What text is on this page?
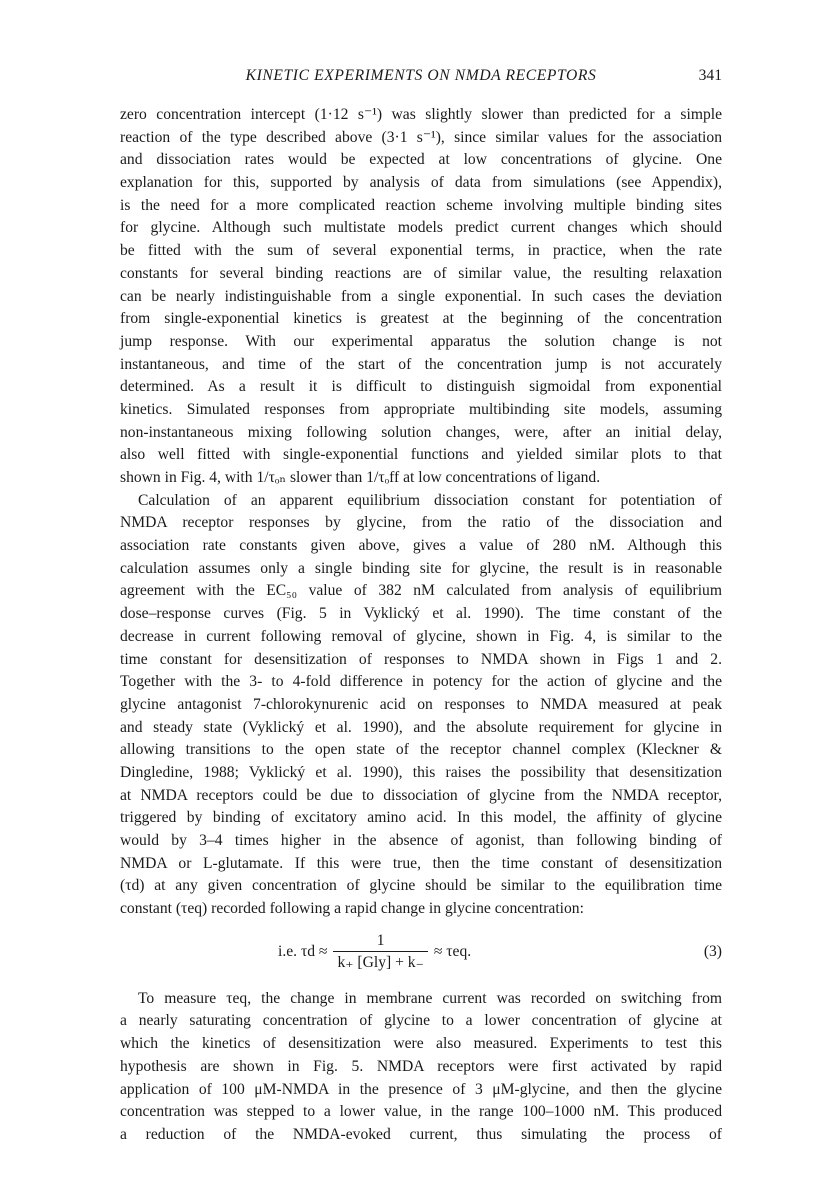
KINETIC EXPERIMENTS ON NMDA RECEPTORS	341
zero concentration intercept (1·12 s⁻¹) was slightly slower than predicted for a simple
reaction of the type described above (3·1 s⁻¹), since similar values for the association
and dissociation rates would be expected at low concentrations of glycine. One
explanation for this, supported by analysis of data from simulations (see Appendix),
is the need for a more complicated reaction scheme involving multiple binding sites
for glycine. Although such multistate models predict current changes which should
be fitted with the sum of several exponential terms, in practice, when the rate
constants for several binding reactions are of similar value, the resulting relaxation
can be nearly indistinguishable from a single exponential. In such cases the deviation
from single-exponential kinetics is greatest at the beginning of the concentration
jump response. With our experimental apparatus the solution change is not
instantaneous, and time of the start of the concentration jump is not accurately
determined. As a result it is difficult to distinguish sigmoidal from exponential
kinetics. Simulated responses from appropriate multibinding site models, assuming
non-instantaneous mixing following solution changes, were, after an initial delay,
also well fitted with single-exponential functions and yielded similar plots to that
shown in Fig. 4, with 1/τₒₙ slower than 1/τₒff at low concentrations of ligand.
Calculation of an apparent equilibrium dissociation constant for potentiation of
NMDA receptor responses by glycine, from the ratio of the dissociation and
association rate constants given above, gives a value of 280 nM. Although this
calculation assumes only a single binding site for glycine, the result is in reasonable
agreement with the EC₅₀ value of 382 nM calculated from analysis of equilibrium
dose–response curves (Fig. 5 in Vyklický et al. 1990). The time constant of the
decrease in current following removal of glycine, shown in Fig. 4, is similar to the
time constant for desensitization of responses to NMDA shown in Figs 1 and 2.
Together with the 3- to 4-fold difference in potency for the action of glycine and the
glycine antagonist 7-chlorokynurenic acid on responses to NMDA measured at peak
and steady state (Vyklický et al. 1990), and the absolute requirement for glycine in
allowing transitions to the open state of the receptor channel complex (Kleckner &
Dingledine, 1988; Vyklický et al. 1990), this raises the possibility that desensitization
at NMDA receptors could be due to dissociation of glycine from the NMDA receptor,
triggered by binding of excitatory amino acid. In this model, the affinity of glycine
would by 3–4 times higher in the absence of agonist, than following binding of
NMDA or L-glutamate. If this were true, then the time constant of desensitization
(τd) at any given concentration of glycine should be similar to the equilibration time
constant (τeq) recorded following a rapid change in glycine concentration:
i.e. $\tau d \approx \frac{1}{\text{k₊ [Gly] + k₋}} \approx \tau eq$.	(3)
To measure τeq, the change in membrane current was recorded on switching from
a nearly saturating concentration of glycine to a lower concentration of glycine at
which the kinetics of desensitization were also measured. Experiments to test this
hypothesis are shown in Fig. 5. NMDA receptors were first activated by rapid
application of 100 μM-NMDA in the presence of 3 μM-glycine, and then the glycine
concentration was stepped to a lower value, in the range 100–1000 nM. This produced
a reduction of the NMDA-evoked current, thus simulating the process of
